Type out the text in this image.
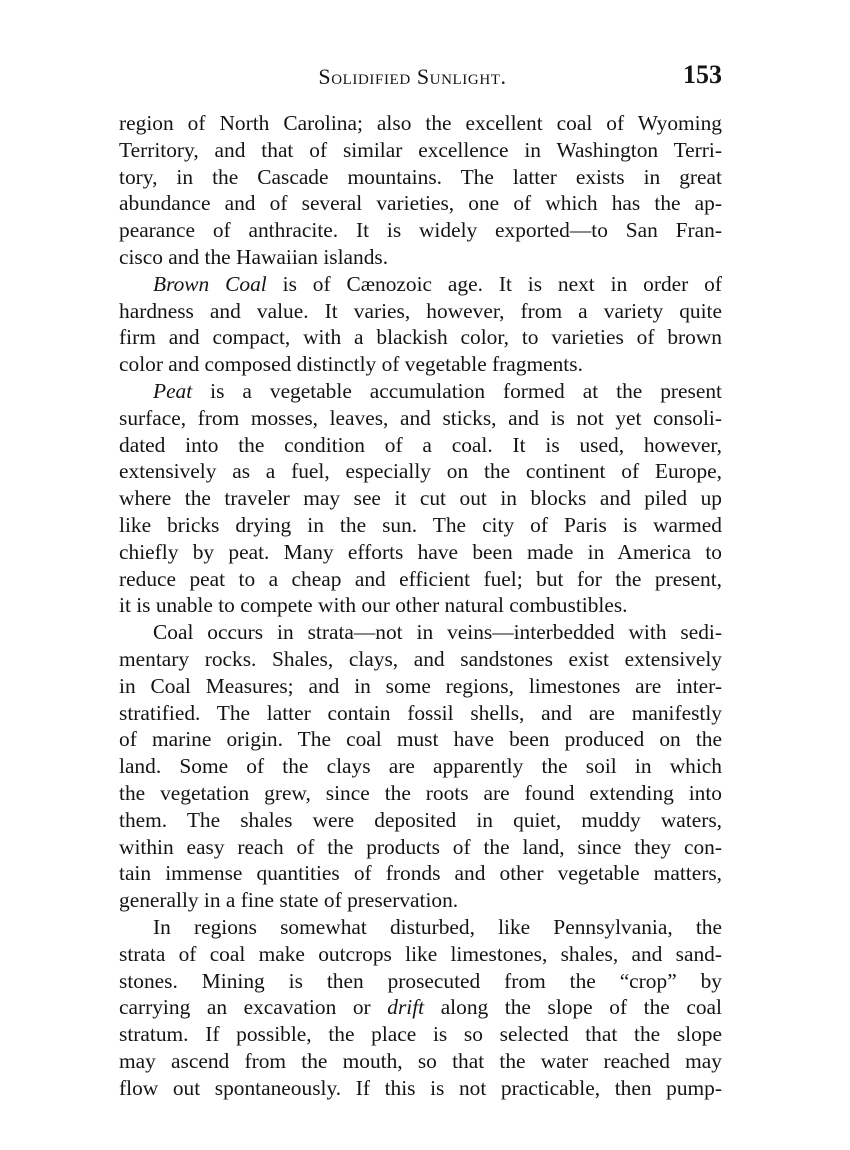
Solidified Sunlight.	153
region of North Carolina; also the excellent coal of Wyoming
Territory, and that of similar excellence in Washington Terri-
tory, in the Cascade mountains. The latter exists in great
abundance and of several varieties, one of which has the ap-
pearance of anthracite. It is widely exported—to San Fran-
cisco and the Hawaiian islands.
Brown Coal is of Cænozoic age. It is next in order of
hardness and value. It varies, however, from a variety quite
firm and compact, with a blackish color, to varieties of brown
color and composed distinctly of vegetable fragments.
Peat is a vegetable accumulation formed at the present
surface, from mosses, leaves, and sticks, and is not yet consoli-
dated into the condition of a coal. It is used, however,
extensively as a fuel, especially on the continent of Europe,
where the traveler may see it cut out in blocks and piled up
like bricks drying in the sun. The city of Paris is warmed
chiefly by peat. Many efforts have been made in America to
reduce peat to a cheap and efficient fuel; but for the present,
it is unable to compete with our other natural combustibles.
Coal occurs in strata—not in veins—interbedded with sedi-
mentary rocks. Shales, clays, and sandstones exist extensively
in Coal Measures; and in some regions, limestones are inter-
stratified. The latter contain fossil shells, and are manifestly
of marine origin. The coal must have been produced on the
land. Some of the clays are apparently the soil in which
the vegetation grew, since the roots are found extending into
them. The shales were deposited in quiet, muddy waters,
within easy reach of the products of the land, since they con-
tain immense quantities of fronds and other vegetable matters,
generally in a fine state of preservation.
In regions somewhat disturbed, like Pennsylvania, the
strata of coal make outcrops like limestones, shales, and sand-
stones. Mining is then prosecuted from the “crop” by
carrying an excavation or drift along the slope of the coal
stratum. If possible, the place is so selected that the slope
may ascend from the mouth, so that the water reached may
flow out spontaneously. If this is not practicable, then pump-
